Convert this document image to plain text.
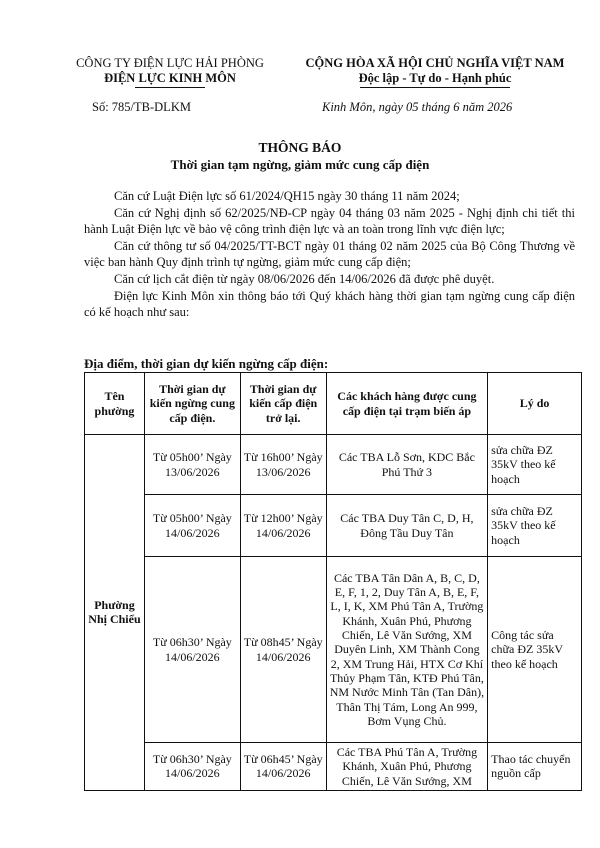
CÔNG TY ĐIỆN LỰC HẢI PHÒNG
ĐIỆN LỰC KINH MÔN
CỘNG HÒA XÃ HỘI CHỦ NGHĨA VIỆT NAM
Độc lập - Tự do - Hạnh phúc
Số: 785/TB-DLKM	Kinh Môn, ngày 05 tháng 6 năm 2026
THÔNG BÁO
Thời gian tạm ngừng, giảm mức cung cấp điện

Căn cứ Luật Điện lực số 61/2024/QH15 ngày 30 tháng 11 năm 2024;

Căn cứ Nghị định số 62/2025/NĐ-CP ngày 04 tháng 03 năm 2025 - Nghị định chi tiết thi hành Luật Điện lực về bảo vệ công trình điện lực và an toàn trong lĩnh vực điện lực;

Căn cứ thông tư số 04/2025/TT-BCT ngày 01 tháng 02 năm 2025 của Bộ Công Thương về việc ban hành Quy định trình tự ngừng, giảm mức cung cấp điện;

Căn cứ lịch cắt điện từ ngày 08/06/2026 đến 14/06/2026 đã được phê duyệt.

Điện lực Kinh Môn xin thông báo tới Quý khách hàng thời gian tạm ngừng cung cấp điện có kế hoạch như sau:

Địa điểm, thời gian dự kiến ngừng cấp điện:
Tên phường	Thời gian dự kiến ngừng cung cấp điện.	Thời gian dự kiến cấp điện trở lại.	Các khách hàng được cung cấp điện tại trạm biến áp	Lý do
Phường Nhị Chiểu	Từ 05h00’ Ngày 13/06/2026	Từ 16h00’ Ngày 13/06/2026	Các TBA Lỗ Sơn, KDC Bắc Phú Thứ 3	sửa chữa ĐZ 35kV theo kế hoạch
	Từ 05h00’ Ngày 14/06/2026	Từ 12h00’ Ngày 14/06/2026	Các TBA Duy Tân C, D, H, Đông Tầu Duy Tân	sửa chữa ĐZ 35kV theo kế hoạch
	Từ 06h30’ Ngày 14/06/2026	Từ 08h45’ Ngày 14/06/2026	Các TBA Tân Dân A, B, C, D, E, F, 1, 2, Duy Tân A, B, E, F, L, I, K, XM Phú Tân A, Trường Khánh, Xuân Phú, Phương Chiến, Lê Văn Sướng, XM Duyên Linh, XM Thành Cong 2, XM Trung Hải, HTX Cơ Khí Thủy Phạm Tân, KTĐ Phú Tân, NM Nước Minh Tân (Tan Dân), Thân Thị Tám, Long An 999, Bơm Vụng Chủ.	Công tác sửa chữa ĐZ 35kV theo kế hoạch
	Từ 06h30’ Ngày 14/06/2026	Từ 06h45’ Ngày 14/06/2026	Các TBA Phú Tân A, Trường Khánh, Xuân Phú, Phương Chiến, Lê Văn Sướng, XM	Thao tác chuyển nguồn cấp
